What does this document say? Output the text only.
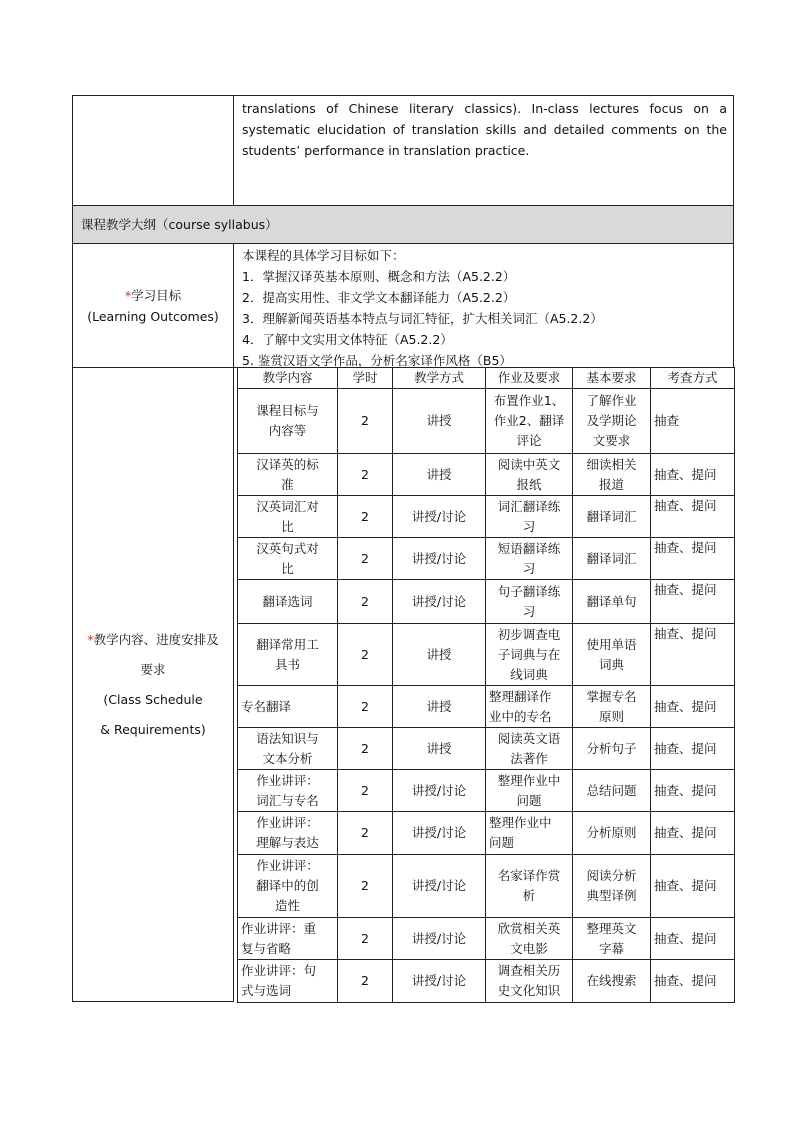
translations of Chinese literary classics). In-class lectures focus on a systematic elucidation of translation skills and detailed comments on the students’ performance in translation practice.
课程教学大纲（course syllabus）
*学习目标
(Learning Outcomes)
本课程的具体学习目标如下：
1．掌握汉译英基本原则、概念和方法（A5.2.2）
2．提高实用性、非文学文本翻译能力（A5.2.2）
3．理解新闻英语基本特点与词汇特征，扩大相关词汇（A5.2.2）
4．了解中文实用文体特征（A5.2.2）
5. 鉴赏汉语文学作品，分析名家译作风格（B5）
*教学内容、进度安排及
要求
(Class Schedule
& Requirements)
教学内容	学时	教学方式	作业及要求	基本要求	考查方式
课程目标与
内容等	2	讲授	布置作业1、
作业2、翻译
评论	了解作业
及学期论
文要求	抽查
汉译英的标
准	2	讲授	阅读中英文
报纸	细读相关
报道	抽查、提问
汉英词汇对
比	2	讲授/讨论	词汇翻译练
习	翻译词汇	抽查、提问
汉英句式对
比	2	讲授/讨论	短语翻译练
习	翻译词汇	抽查、提问
翻译选词	2	讲授/讨论	句子翻译练
习	翻译单句	抽查、提问
翻译常用工
具书	2	讲授	初步调查电
子词典与在
线词典	使用单语
词典	抽查、提问
专名翻译	2	讲授	整理翻译作
业中的专名	掌握专名
原则	抽查、提问
语法知识与
文本分析	2	讲授	阅读英文语
法著作	分析句子	抽查、提问
作业讲评：
词汇与专名	2	讲授/讨论	整理作业中
问题	总结问题	抽查、提问
作业讲评：
理解与表达	2	讲授/讨论	整理作业中
问题	分析原则	抽查、提问
作业讲评：
翻译中的创
造性	2	讲授/讨论	名家译作赏
析	阅读分析
典型译例	抽查、提问
作业讲评：重
复与省略	2	讲授/讨论	欣赏相关英
文电影	整理英文
字幕	抽查、提问
作业讲评：句
式与选词	2	讲授/讨论	调查相关历
史文化知识	在线搜索	抽查、提问
